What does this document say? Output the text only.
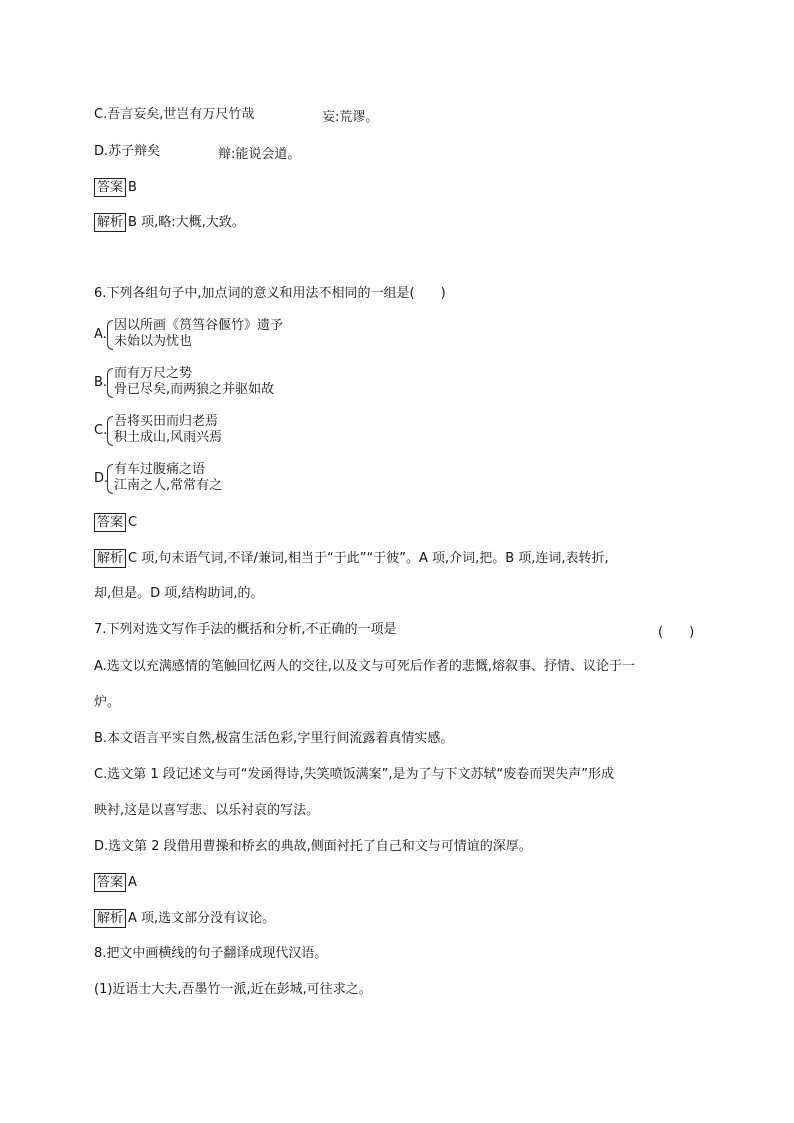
C.吾言妄矣,世岂有万尺竹哉	妄:荒谬。
D.苏子辩矣	辩:能说会道。
答案 B
解析 B 项,略:大概,大致。
6.下列各组句子中,加点词的意义和用法不相同的一组是(　　)
A.
因以所画《筼筜谷偃竹》遗予
未始以为忧也
B.
而有万尺之势
骨已尽矣,而两狼之并驱如故
C.
吾将买田而归老焉
积土成山,风雨兴焉
D.
有车过腹痛之语
江南之人,常常有之
答案 C
解析 C 项,句末语气词,不译/兼词,相当于“于此”“于彼”。A 项,介词,把。B 项,连词,表转折,
却,但是。D 项,结构助词,的。
7.下列对选文写作手法的概括和分析,不正确的一项是	(　　)
A.选文以充满感情的笔触回忆两人的交往,以及文与可死后作者的悲慨,熔叙事、抒情、议论于一
炉。
B.本文语言平实自然,极富生活色彩,字里行间流露着真情实感。
C.选文第 1 段记述文与可“发函得诗,失笑喷饭满案”,是为了与下文苏轼“废卷而哭失声”形成
映衬,这是以喜写悲、以乐衬哀的写法。
D.选文第 2 段借用曹操和桥玄的典故,侧面衬托了自己和文与可情谊的深厚。
答案 A
解析 A 项,选文部分没有议论。
8.把文中画横线的句子翻译成现代汉语。
(1)近语士大夫,吾墨竹一派,近在彭城,可往求之。
